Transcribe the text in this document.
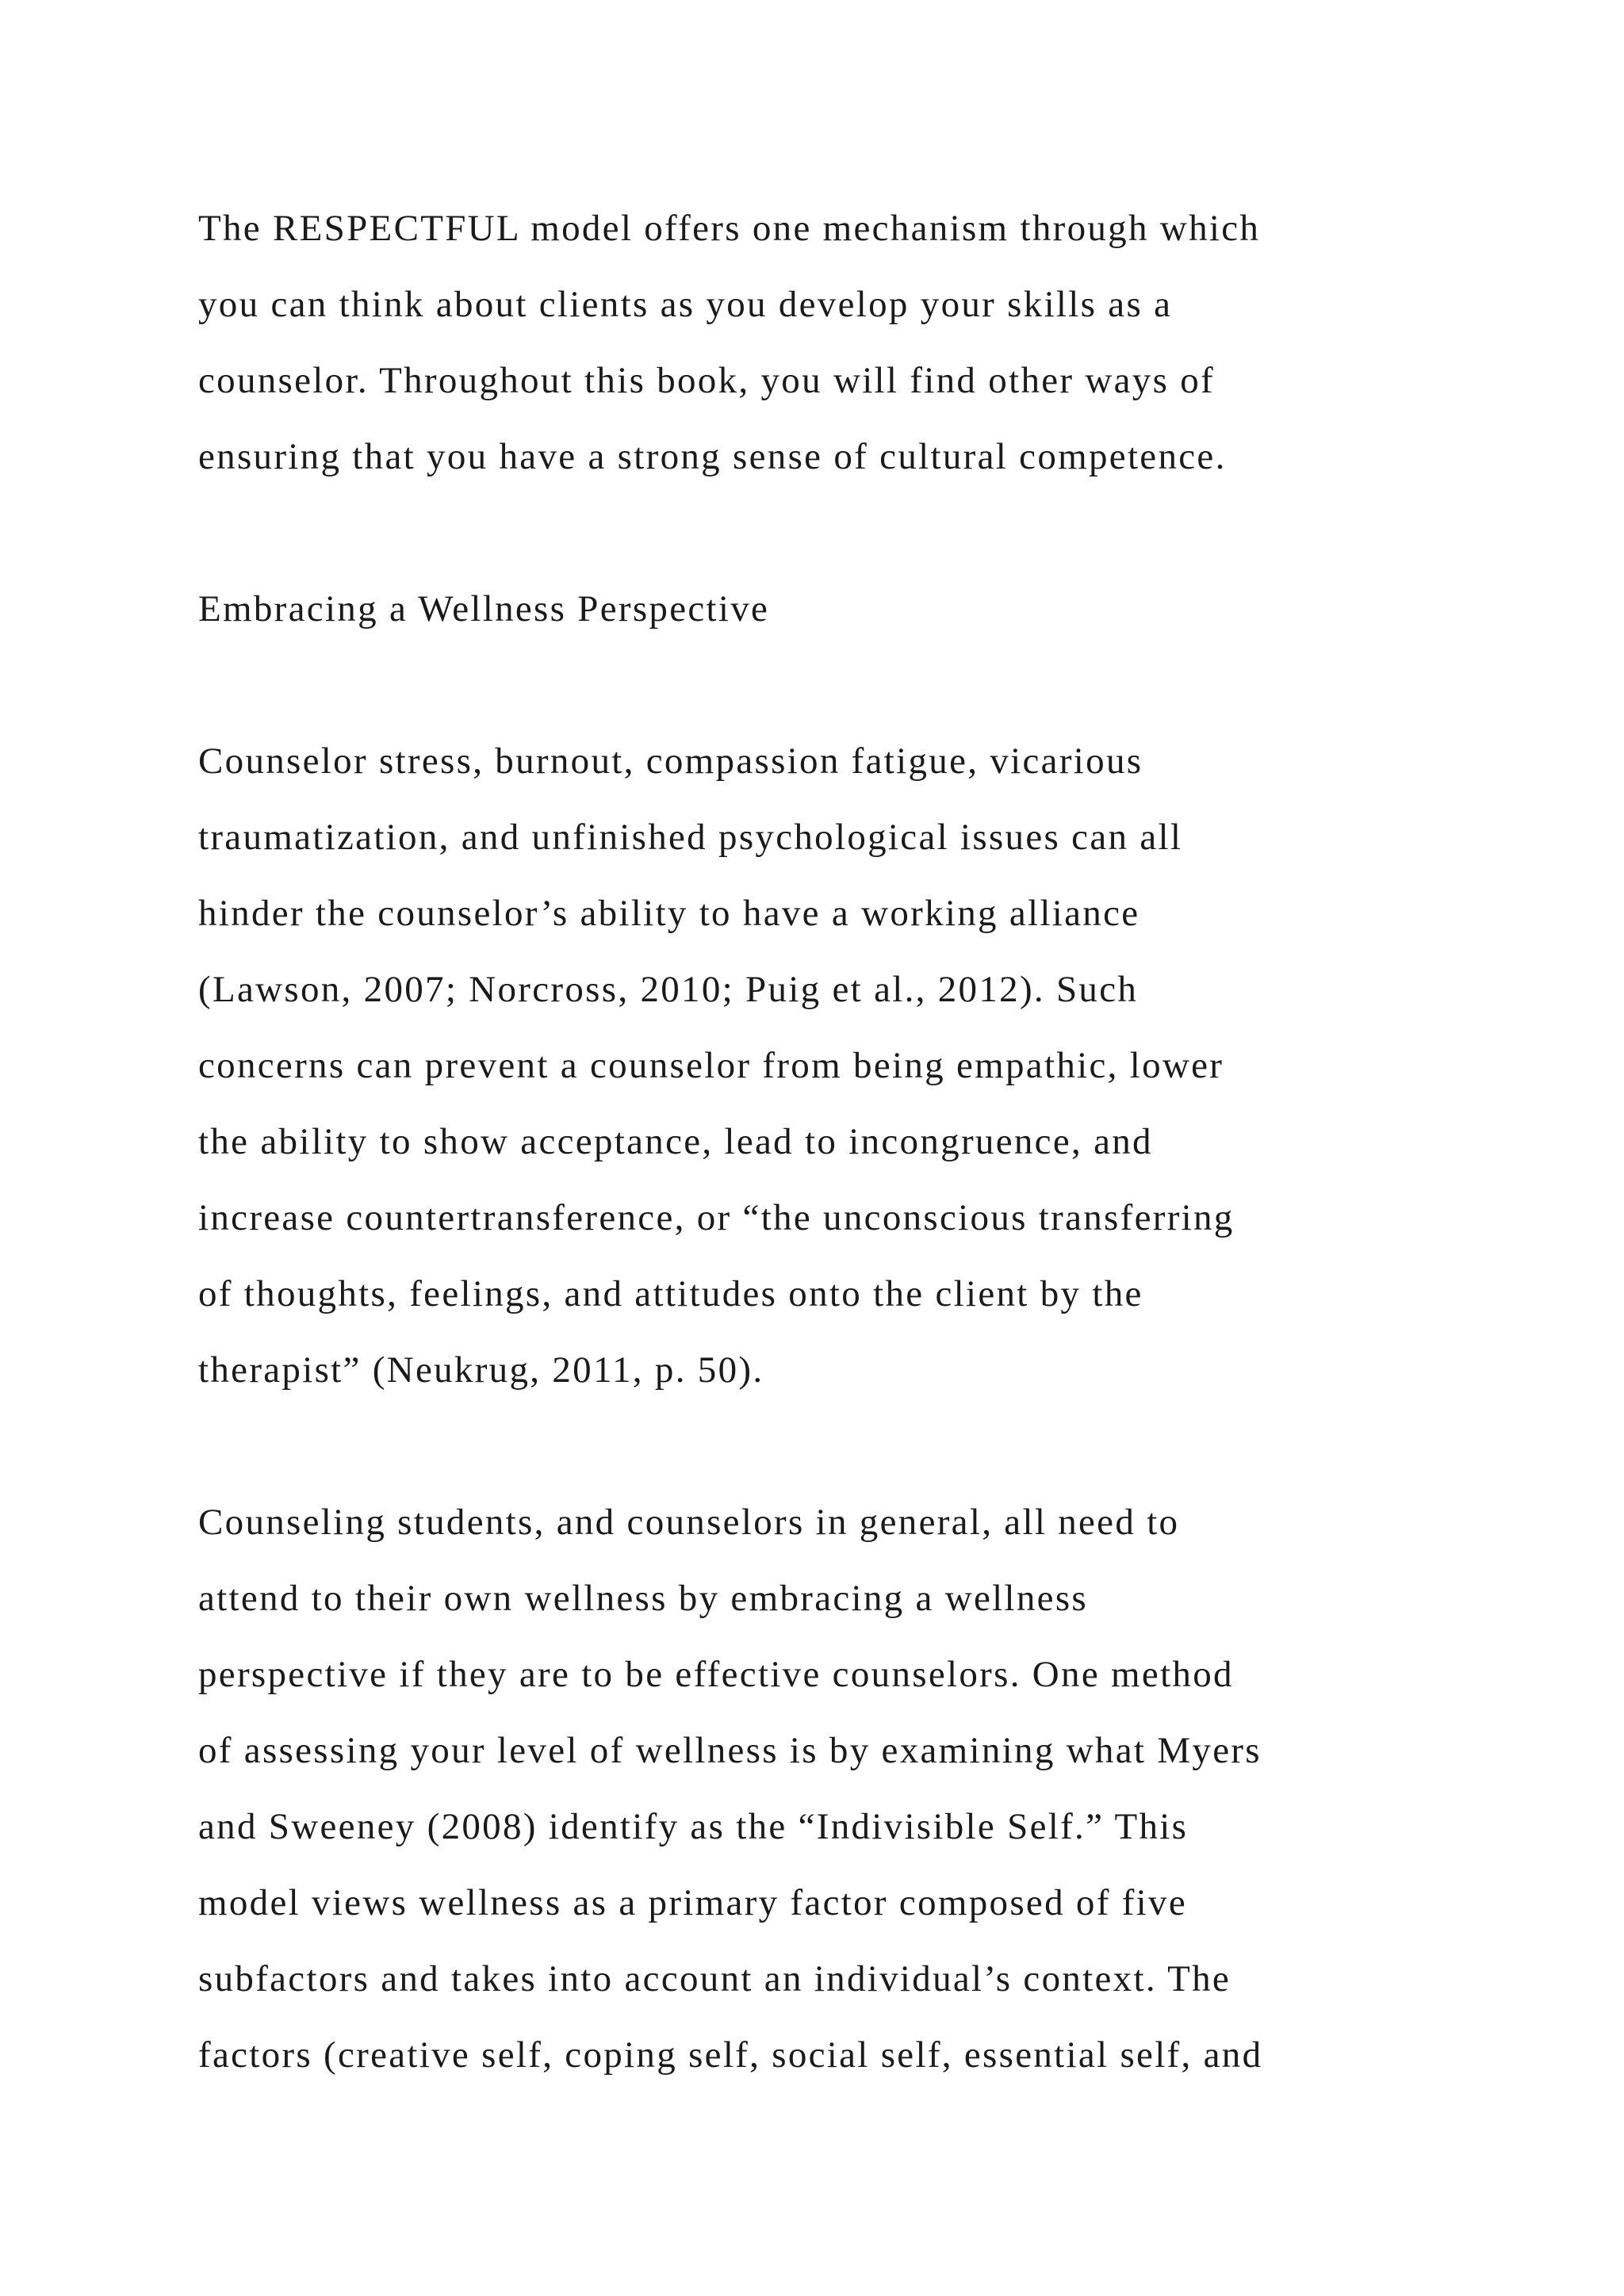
The RESPECTFUL model offers one mechanism through which
you can think about clients as you develop your skills as a
counselor. Throughout this book, you will find other ways of
ensuring that you have a strong sense of cultural competence.
Embracing a Wellness Perspective
Counselor stress, burnout, compassion fatigue, vicarious
traumatization, and unfinished psychological issues can all
hinder the counselor’s ability to have a working alliance
(Lawson, 2007; Norcross, 2010; Puig et al., 2012). Such
concerns can prevent a counselor from being empathic, lower
the ability to show acceptance, lead to incongruence, and
increase countertransference, or “the unconscious transferring
of thoughts, feelings, and attitudes onto the client by the
therapist” (Neukrug, 2011, p. 50).
Counseling students, and counselors in general, all need to
attend to their own wellness by embracing a wellness
perspective if they are to be effective counselors. One method
of assessing your level of wellness is by examining what Myers
and Sweeney (2008) identify as the “Indivisible Self.” This
model views wellness as a primary factor composed of five
subfactors and takes into account an individual’s context. The
factors (creative self, coping self, social self, essential self, and
